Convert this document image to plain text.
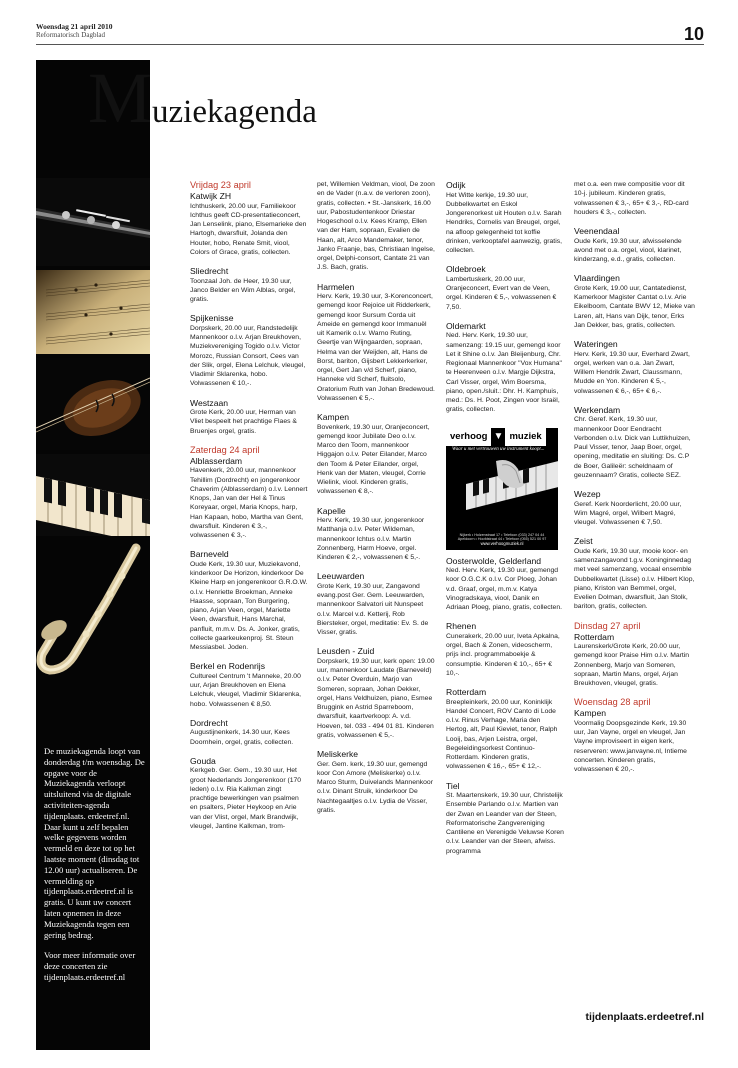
Woensdag 21 april 2010
Reformatorisch Dagblad	10

De muziekagenda loopt van donderdag t/m woensdag. De opgave voor de Muziekagenda verloopt uitsluitend via de digitale activiteiten-agenda tijdenplaats. erdeetref.nl. Daar kunt u zelf bepalen welke gegevens worden vermeld en deze tot op het laatste moment (dinsdag tot 12.00 uur) actualiseren. De vermelding op tijdenplaats.erdeetref.nl is gratis. U kunt uw concert laten opnemen in deze Muziekagenda tegen een gering bedrag.

Voor meer informatie over deze concerten zie tijdenplaats.erdeetref.nl

Muziekagenda
Vrijdag 23 april
Katwijk ZH
Ichthuskerk, 20.00 uur, Familiekoor Ichthus geeft CD-presentatieconcert, Jan Lenselink, piano, Elsemarieke den Hartogh, dwarsfluit, Jolanda den Houter, hobo, Renate Smit, viool, Colors of Grace, gratis, collecten.
Sliedrecht
Toonzaal Joh. de Heer, 19.30 uur, Janco Belder en Wim Alblas, orgel, gratis.
Spijkenisse
Dorpskerk, 20.00 uur, Randstedelijk Mannenkoor o.l.v. Arjan Breukhoven, Muziekvereniging Togido o.l.v. Victor Morozc, Russian Consort, Cees van der Slik, orgel, Elena Lelchuk, vleugel, Vladimir Sklarenka, hobo. Volwassenen € 10,-.
Westzaan
Grote Kerk, 20.00 uur, Herman van Vliet bespeelt het prachtige Flaes & Bruenjes orgel, gratis.
Zaterdag 24 april
Alblasserdam
Havenkerk, 20.00 uur, mannenkoor Tehillim (Dordrecht) en jongerenkoor Chaverim (Alblasserdam) o.l.v. Lennert Knops, Jan van der Hel & Tinus Koreyaar, orgel, Maria Knops, harp, Han Kapaan, hobo, Martha van Gent, dwarsfluit. Kinderen € 3,-, volwassenen € 3,-.
Barneveld
Oude Kerk, 19.30 uur, Muziekavond, kinderkoor De Horizon, kinderkoor De Kleine Harp en jongerenkoor G.R.O.W. o.l.v. Henriette Broekman, Anneke Haasse, sopraan, Ton Burgering, piano, Arjan Veen, orgel, Mariette Veen, dwarsfluit, Hans Marchal, panfluit, m.m.v. Ds. A. Jonker, gratis, collecte gaarkeukenproj. St. Steun Messiasbel. Joden.
Berkel en Rodenrijs
Cultureel Centrum 't Manneke, 20.00 uur, Arjan Breukhoven en Elena Lelchuk, vleugel, Vladimir Sklarenka, hobo. Volwassenen € 8,50.
Dordrecht
Augustijnenkerk, 14.30 uur, Kees Doornhein, orgel, gratis, collecten.
Gouda
Kerkgeb. Ger. Gem., 19.30 uur, Het groot Nederlands Jongerenkoor (170 leden) o.l.v. Ria Kalkman zingt prachtige bewerkingen van psalmen en psalters, Pieter Heykoop en Arie van der Vlist, orgel, Mark Brandwijk, vleugel, Jantine Kalkman, trom-
pet, Willemien Veldman, viool, De zoon en de Vader (n.a.v. de verloren zoon), gratis, collecten. • St.-Janskerk, 16.00 uur, Pabostudentenkoor Driestar Hogeschool o.l.v. Kees Kramp, Ellen van der Ham, sopraan, Evalien de Haan, alt, Arco Mandemaker, tenor, Janko Fraanje, bas, Christiaan Ingelse, orgel, Delphi-consort, Cantate 21 van J.S. Bach, gratis.
Harmelen
Herv. Kerk, 19.30 uur, 3-Korenconcert, gemengd koor Rejoice uit Ridderkerk, gemengd koor Sursum Corda uit Ameide en gemengd koor Immanuël uit Kamerik o.l.v. Warno Ruting, Geertje van Wijngaarden, sopraan, Helma van der Weijden, alt, Hans de Borst, bariton, Gijsbert Lekkerkerker, orgel, Gert Jan v/d Scherf, piano, Hanneke v/d Scherf, fluitsolo, Oratorium Ruth van Johan Bredewoud. Volwassenen € 5,-.
Kampen
Bovenkerk, 19.30 uur, Oranjeconcert, gemengd koor Jubilate Deo o.l.v. Marco den Toom, mannenkoor Higgajon o.l.v. Peter Eilander, Marco den Toom & Peter Eilander, orgel, Henk van der Maten, vleugel, Corrie Wielink, viool. Kinderen gratis, volwassenen € 8,-.
Kapelle
Herv. Kerk, 19.30 uur, jongerenkoor Matthanja o.l.v. Peter Wildeman, mannenkoor Ichtus o.l.v. Martin Zonnenberg, Harm Hoeve, orgel. Kinderen € 2,-, volwassenen € 5,-.
Leeuwarden
Grote Kerk, 19.30 uur, Zangavond evang.post Ger. Gem. Leeuwarden, mannenkoor Salvatori uit Nunspeet o.l.v. Marcel v.d. Ketterij, Rob Biersteker, orgel, meditatie: Ev. S. de Visser, gratis.
Leusden - Zuid
Dorpskerk, 19.30 uur, kerk open: 19.00 uur, mannenkoor Laudate (Barneveld) o.l.v. Peter Overduin, Marjo van Someren, sopraan, Johan Dekker, orgel, Hans Veldhuizen, piano, Esmee Bruggink en Astrid Sparreboom, dwarsfluit, kaartverkoop: A. v.d. Hoeven, tel. 033 - 494 01 81. Kinderen gratis, volwassenen € 5,-.
Meliskerke
Ger. Gem. kerk, 19.30 uur, gemengd koor Con Amore (Meliskerke) o.l.v. Marco Sturm, Duivelands Mannenkoor o.l.v. Dinant Struik, kinderkoor De Nachtegaaltjes o.l.v. Lydia de Visser, gratis.
Odijk
Het Witte kerkje, 19.30 uur, Dubbelkwartet en Eskol Jongerenorkest uit Houten o.l.v. Sarah Hendriks, Cornelis van Breugel, orgel, na afloop gelegenheid tot koffie drinken, verkooptafel aanwezig, gratis, collecten.
Oldebroek
Lambertuskerk, 20.00 uur, Oranjeconcert, Evert van de Veen, orgel. Kinderen € 5,-, volwassenen € 7,50.
Oldemarkt
Ned. Herv. Kerk, 19.30 uur, samenzang: 19.15 uur, gemengd koor Let it Shine o.l.v. Jan Bleijenburg, Chr. Regionaal Mannenkoor "Vox Humana" te Heerenveen o.l.v. Margje Dijkstra, Carl Visser, orgel, Wim Boersma, piano, open./sluit.: Dhr. H. Kamphuis, med.: Ds. H. Poot, Zingen voor Israël, gratis, collecten.
Oosterwolde, Gelderland
Ned. Herv. Kerk, 19.30 uur, gemengd koor O.G.C.K o.l.v. Cor Ploeg, Johan v.d. Graaf, orgel, m.m.v. Katya Vinogradskaya, viool, Danik en Adriaan Ploeg, piano, gratis, collecten.
Rhenen
Cunerakerk, 20.00 uur, Iveta Apkalna, orgel, Bach & Zonen, videoscherm, prijs incl. programmaboekje & consumptie. Kinderen € 10,-, 65+ € 10,-.
Rotterdam
Breepleinkerk, 20.00 uur, Koninklijk Handel Concert, ROV Canto di Lode o.l.v. Rinus Verhage, Maria den Hertog, alt, Paul Kieviet, tenor, Ralph Looij, bas, Arjen Leistra, orgel, Begeleidingsorkest Continuo-Rotterdam. Kinderen gratis, volwassenen € 16,-, 65+ € 12,-.
Tiel
St. Maartenskerk, 19.30 uur, Christelijk Ensemble Parlando o.l.v. Martien van der Zwan en Leander van der Steen, Reformatorische Zangvereniging Cantilene en Verenigde Veluwse Koren o.l.v. Leander van der Steen, afwiss. programma
met o.a. een nwe compositie voor dit 10-j. jubileum. Kinderen gratis, volwassenen € 3,-, 65+ € 3,-, RD-card houders € 3,-, collecten.
Veenendaal
Oude Kerk, 19.30 uur, afwisselende avond met o.a. orgel, viool, klarinet, kinderzang, e.d., gratis, collecten.
Vlaardingen
Grote Kerk, 19.00 uur, Cantatedienst, Kamerkoor Magister Cantat o.l.v. Arie Eikelboom, Cantate BWV 12, Mieke van Laren, alt, Hans van Dijk, tenor, Erks Jan Dekker, bas, gratis, collecten.
Wateringen
Herv. Kerk, 19.30 uur, Everhard Zwart, orgel, werken van o.a. Jan Zwart, Willem Hendrik Zwart, Claussmann, Mudde en Yon. Kinderen € 5,-, volwassenen € 6,-, 65+ € 6,-.
Werkendam
Chr. Geref. Kerk, 19.30 uur, mannenkoor Door Eendracht Verbonden o.l.v. Dick van Luttikhuizen, Paul Visser, tenor, Jaap Boer, orgel, opening, meditatie en sluiting: Ds. C.P de Boer, Galileër: scheldnaam of geuzennaam? Gratis, collecte SEZ.
Wezep
Geref. Kerk Noorderlicht, 20.00 uur, Wim Magré, orgel, Wilbert Magré, vleugel. Volwassenen € 7,50.
Zeist
Oude Kerk, 19.30 uur, mooie koor- en samenzangavond t.g.v. Koninginnedag met veel samenzang, vocaal ensemble Dubbelkwartet (Lisse) o.l.v. Hilbert Klop, piano, Kriston van Bemmel, orgel, Evelien Dolman, dwarsfluit, Jan Stolk, bariton, gratis, collecten.
Dinsdag 27 april
Rotterdam
Laurenskerk/Grote Kerk, 20.00 uur, gemengd koor Praise Him o.l.v. Martin Zonnenberg, Marjo van Someren, sopraan, Martin Mans, orgel, Arjan Breukhoven, vleugel, gratis.
Woensdag 28 april
Kampen
Voormalig Doopsgezinde Kerk, 19.30 uur, Jan Vayne, orgel en vleugel, Jan Vayne improviseert in eigen kerk, reserveren: www.janvayne.nl, Intieme concerten. Kinderen gratis, volwassenen € 20,-.
verhoog ▼ muziek
Waar u met vertrouwen uw instrument koopt...
Nijkerk • Holzenstraat 17 • Telefoon (033) 247 04 44
Apeldoorn • Hoofdstraat 44 • Telefoon (055) 521 00 97
www.verhoogmuziek.nl
tijdenplaats.erdeetref.nl
